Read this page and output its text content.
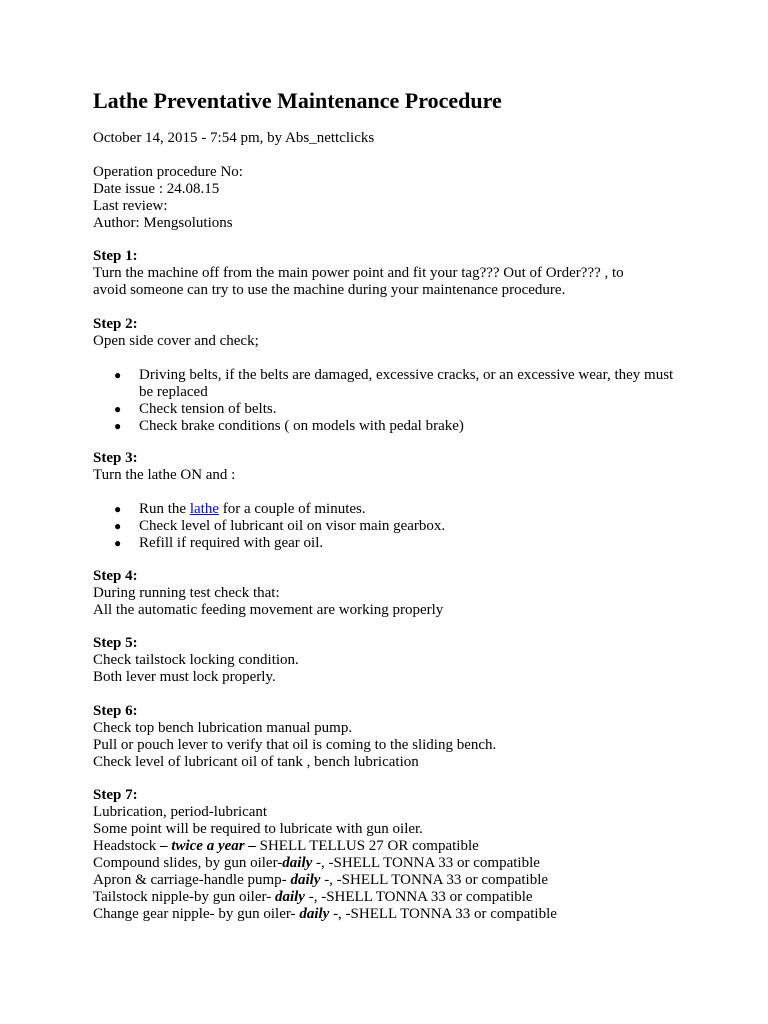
Lathe Preventative Maintenance Procedure
October 14, 2015 - 7:54 pm, by Abs_nettclicks
Operation procedure No:
Date issue : 24.08.15
Last review:
Author: Mengsolutions
Step 1:
Turn the machine off from the main power point and fit your tag??? Out of Order??? , to avoid someone can try to use the machine during your maintenance procedure.
Step 2:
Open side cover and check;
● Driving belts, if the belts are damaged, excessive cracks, or an excessive wear, they must be replaced
● Check tension of belts.
● Check brake conditions ( on models with pedal brake)
Step 3:
Turn the lathe ON and :
● Run the lathe for a couple of minutes.
● Check level of lubricant oil on visor main gearbox.
● Refill if required with gear oil.
Step 4:
During running test check that:
All the automatic feeding movement are working properly
Step 5:
Check tailstock locking condition.
Both lever must lock properly.
Step 6:
Check top bench lubrication manual pump.
Pull or pouch lever to verify that oil is coming to the sliding bench.
Check level of lubricant oil of tank , bench lubrication
Step 7:
Lubrication, period-lubricant
Some point will be required to lubricate with gun oiler.
Headstock – twice a year – SHELL TELLUS 27 OR compatible
Compound slides, by gun oiler-daily -, -SHELL TONNA 33 or compatible
Apron & carriage-handle pump- daily -, -SHELL TONNA 33 or compatible
Tailstock nipple-by gun oiler- daily -, -SHELL TONNA 33 or compatible
Change gear nipple- by gun oiler- daily -, -SHELL TONNA 33 or compatible
